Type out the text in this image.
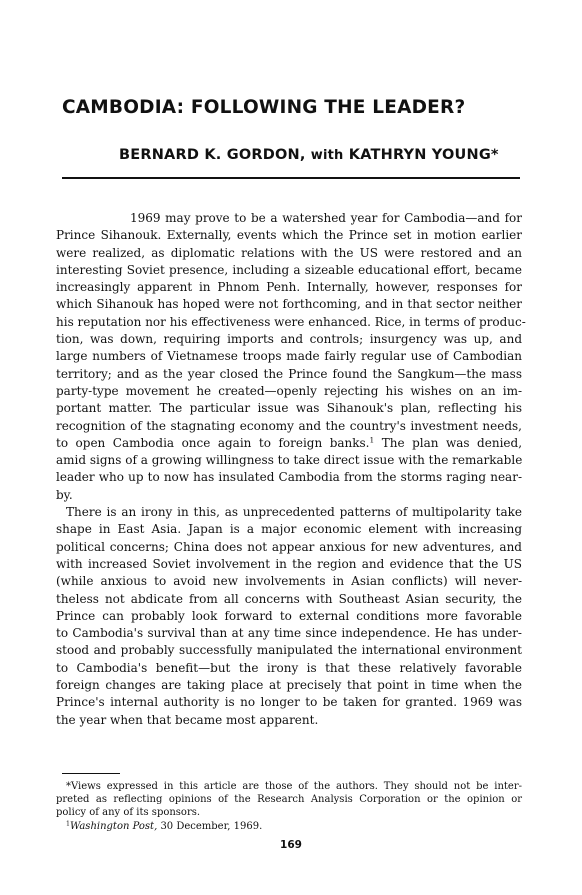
CAMBODIA: FOLLOWING THE LEADER?
BERNARD K. GORDON, with KATHRYN YOUNG*
1969 may prove to be a watershed year for Cambodia—and for
Prince Sihanouk. Externally, events which the Prince set in motion earlier
were realized, as diplomatic relations with the US were restored and an
interesting Soviet presence, including a sizeable educational effort, became
increasingly apparent in Phnom Penh. Internally, however, responses for
which Sihanouk has hoped were not forthcoming, and in that sector neither
his reputation nor his effectiveness were enhanced. Rice, in terms of produc-
tion, was down, requiring imports and controls; insurgency was up, and
large numbers of Vietnamese troops made fairly regular use of Cambodian
territory; and as the year closed the Prince found the Sangkum—the mass
party-type movement he created—openly rejecting his wishes on an im-
portant matter. The particular issue was Sihanouk's plan, reflecting his
recognition of the stagnating economy and the country's investment needs,
to open Cambodia once again to foreign banks.$^1$ The plan was denied,
amid signs of a growing willingness to take direct issue with the remarkable
leader who up to now has insulated Cambodia from the storms raging near-
by.
There is an irony in this, as unprecedented patterns of multipolarity take
shape in East Asia. Japan is a major economic element with increasing
political concerns; China does not appear anxious for new adventures, and
with increased Soviet involvement in the region and evidence that the US
(while anxious to avoid new involvements in Asian conflicts) will never-
theless not abdicate from all concerns with Southeast Asian security, the
Prince can probably look forward to external conditions more favorable
to Cambodia's survival than at any time since independence. He has under-
stood and probably successfully manipulated the international environment
to Cambodia's benefit—but the irony is that these relatively favorable
foreign changes are taking place at precisely that point in time when the
Prince's internal authority is no longer to be taken for granted. 1969 was
the year when that became most apparent.
*Views expressed in this article are those of the authors. They should not be inter-
preted as reflecting opinions of the Research Analysis Corporation or the opinion or
policy of any of its sponsors.
$^1$Washington Post, 30 December, 1969.
169
